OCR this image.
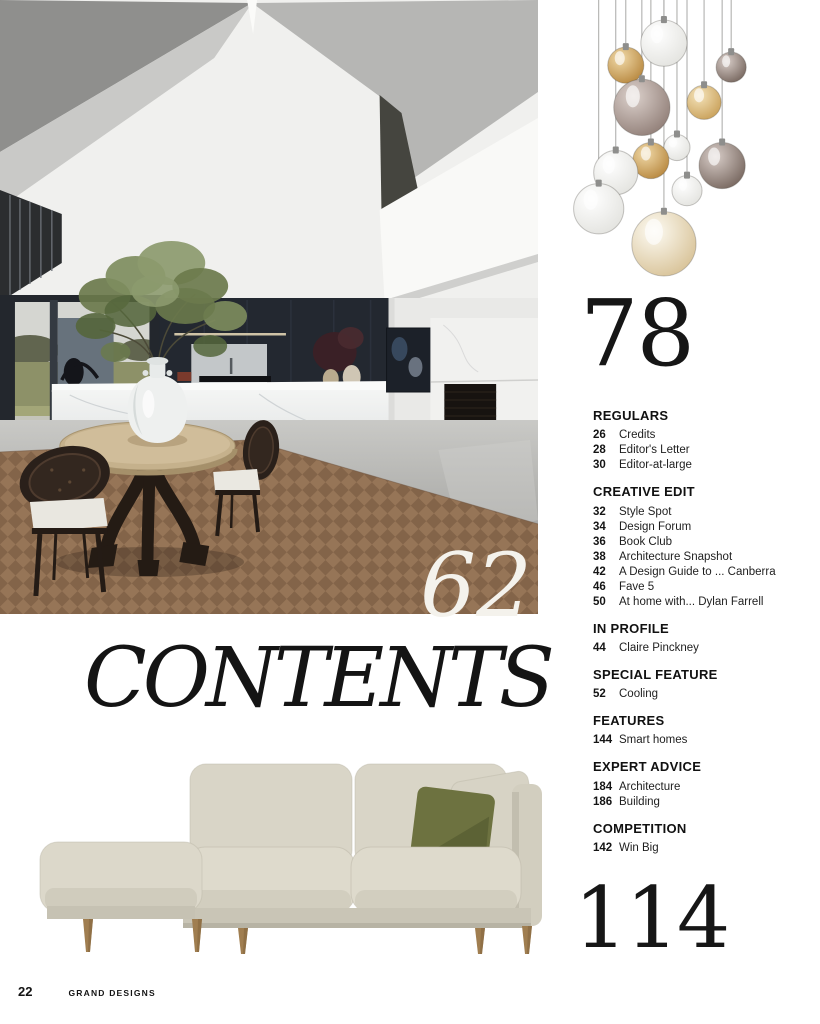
62
78
114
CONTENTS
REGULARS
26	Credits
28	Editor's Letter
30	Editor-at-large
CREATIVE EDIT
32	Style Spot
34	Design Forum
36	Book Club
38	Architecture Snapshot
42	A Design Guide to ... Canberra
46	Fave 5
50	At home with... Dylan Farrell
IN PROFILE
44	Claire Pinckney
SPECIAL FEATURE
52	Cooling
FEATURES
144 Smart homes
EXPERT ADVICE
184 Architecture
186 Building
COMPETITION
142 Win Big
22	GRAND DESIGNS
